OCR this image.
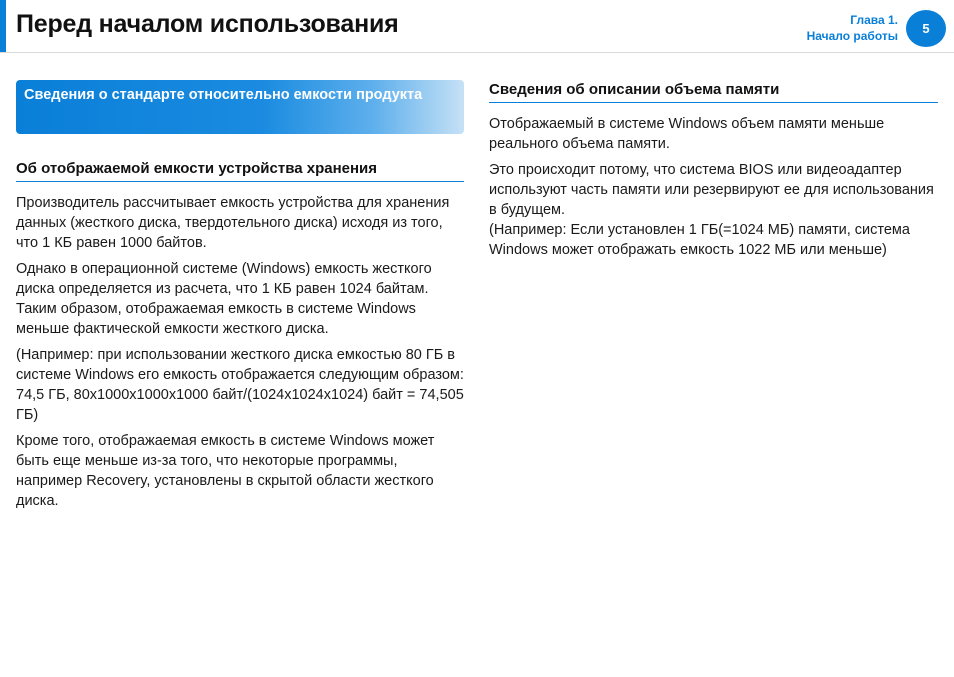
Перед началом использования	Глава 1.
Начало работы	5
Сведения о стандарте относительно емкости продукта
Об отображаемой емкости устройства хранения

Производитель рассчитывает емкость устройства для хранения данных (жесткого диска, твердотельного диска) исходя из того, что 1 КБ равен 1000 байтов.

Однако в операционной системе (Windows) емкость жесткого диска определяется из расчета, что 1 КБ равен 1024 байтам. Таким образом, отображаемая емкость в системе Windows меньше фактической емкости жесткого диска.

(Например: при использовании жесткого диска емкостью 80 ГБ в системе Windows его емкость отображается следующим образом: 74,5 ГБ, 80x1000x1000x1000 байт/(1024x1024x1024) байт = 74,505 ГБ)

Кроме того, отображаемая емкость в системе Windows может быть еще меньше из-за того, что некоторые программы, например Recovery, установлены в скрытой области жесткого диска.

Сведения об описании объема памяти

Отображаемый в системе Windows объем памяти меньше реального объема памяти.

Это происходит потому, что система BIOS или видеоадаптер используют часть памяти или резервируют ее для использования в будущем.

(Например: Если установлен 1 ГБ(=1024 МБ) памяти, система Windows может отображать емкость 1022 МБ или меньше)
